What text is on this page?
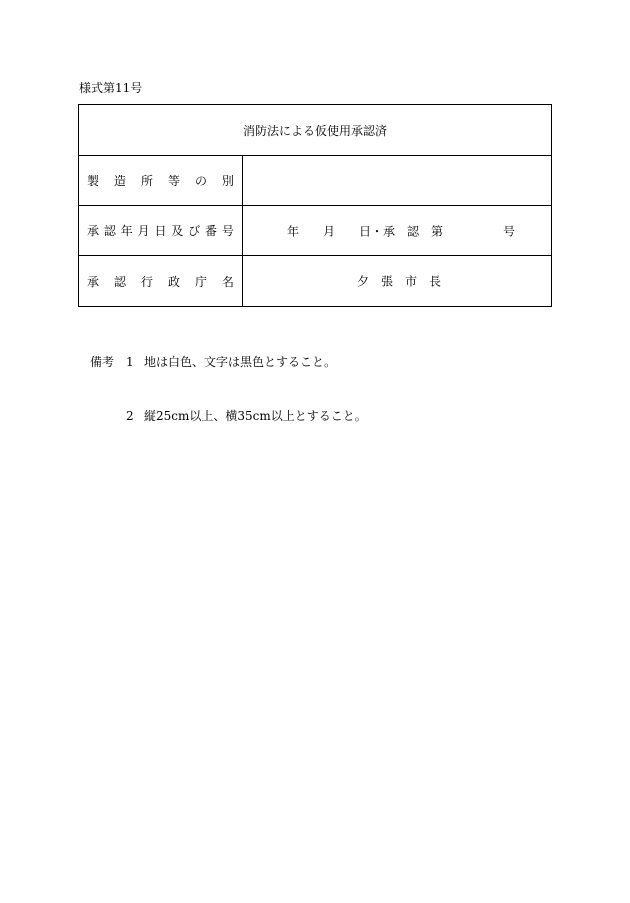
様式第11号
消防法による仮使用承認済
製 造 所 等 の 別
承 認 年 月 日 及 び 番 号	年　　月　　日・承　認　第　　　　　号
承 認 行 政 庁 名	夕　張　市　長

備考 1 地は白色、文字は黒色とすること。

2 縦25cm以上、横35cm以上とすること。
